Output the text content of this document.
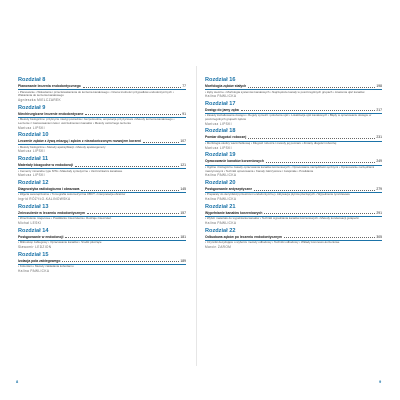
Rozdział 8
Planowanie leczenia endodontycznego	77
• Planowanie • Wskazania i przeciwwskazania do leczenia kanałowego • Ocena trudności przypadków endodontycznych • Wskazania do leczenia kanałowego
Agnieszka MIELCZAREK
Rozdział 9
Niechirurgiczne leczenie endodontyczne	91
• Metody biologiczne: przykrycie miazgi pośrednie i bezpośrednie, amputacja przyżyciowa • Metody leczenia kanałowego • Leczenie z zastosowaniem leku i uszczelnieniem kanałów • Metody ostrożnego leczenia
Mariusz LIPSKI
Rozdział 10
Leczenie zębów z żywą miazgą i zębów z niezakończonym rozwojem korzeni	107
• Metody biologiczne • Metody apeksyfikacji • Metody apeksogenezy
Mariusz LIPSKI
Rozdział 11
Materiały biozgodne w endodoncji	121
• Cementy mineralne typu MTA • Materiały syntetyczne • Uszczelniacze kanałowe
Mariusz LIPSKI
Rozdział 12
Diagnostyka radiologiczna i obrazowa	145
• Zdjęcia wewnątrzustne • Tomografia wolumetryczna CBCT • Interpretacja obrazów
Ingrid RÓŻYŁO-KALINOWSKA
Rozdział 13
Znieczulenie w leczeniu endodontycznym	157
• Znieczulenie miejscowe • Powikłania znieczulenia • Rodzaje znieczuleń
Michał LESKI
Rozdział 14
Postępowanie w endodoncji	181
• Mikroskop zabiegowy • Opracowanie kanałów • Środki płuczące
Sławomir LEDZION
Rozdział 15
Izolacja pola zabiegowego	189
• Koferdam • Metody zakładania koferdamu
Halina PAWLICKA
Rozdział 16
Morfologia zębów stałych	198
• Zęby sieczne • Morfologia systemów kanałowych • Najczęstsze kanały w poszczególnych grupach • Anatomia ujść kanałów
Halina PAWLICKA
Rozdział 17
Dostęp do jamy zęba	217
• Zasady kształtowania dostępu • Reguły symetrii i położenia ujść • Lokalizacja ujść kanałowych • Błędy w opracowaniu dostępu w poszczególnych grupach zębów
Mariusz LIPSKI
Rozdział 18
Pomiar długości roboczej	231
• Morfologia okolicy wierzchołkowej • Długość robocza i metody jej pomiaru • Zmiany długości roboczej
Mariusz LIPSKI
Rozdział 19
Opracowanie kanałów korzeniowych	249
• Ogólne i biologiczne zasady opracowania kanałów korzeniowych • Opracowanie narzędziami ręcznymi • Opracowanie narzędziami maszynowymi • Techniki opracowania • Kanały zakrzywione i zwapniałe • Powikłania
Halina PAWLICKA
Rozdział 20
Postępowanie antyseptyczne	279
• Preparaty do dezynfekcji przestrzeni endodontycznej • Aktywacja płynów płuczących • Wypełnienie tymczasowe
Halina PAWLICKA
Rozdział 21
Wypełnianie kanałów korzeniowych	291
• Wybór materiału do wypełniania kanałów • Techniki wypełniania kanałów korzeniowych • Metody kondensacji gutaperki
Halina PAWLICKA
Rozdział 22
Odbudowa zębów po leczeniu endodontycznym	305
• Czynniki decydujące o wyborze metody odbudowy • Techniki odbudowy • Wkłady koronowo-korzeniowe
Marcin ŻAROM
8	9
